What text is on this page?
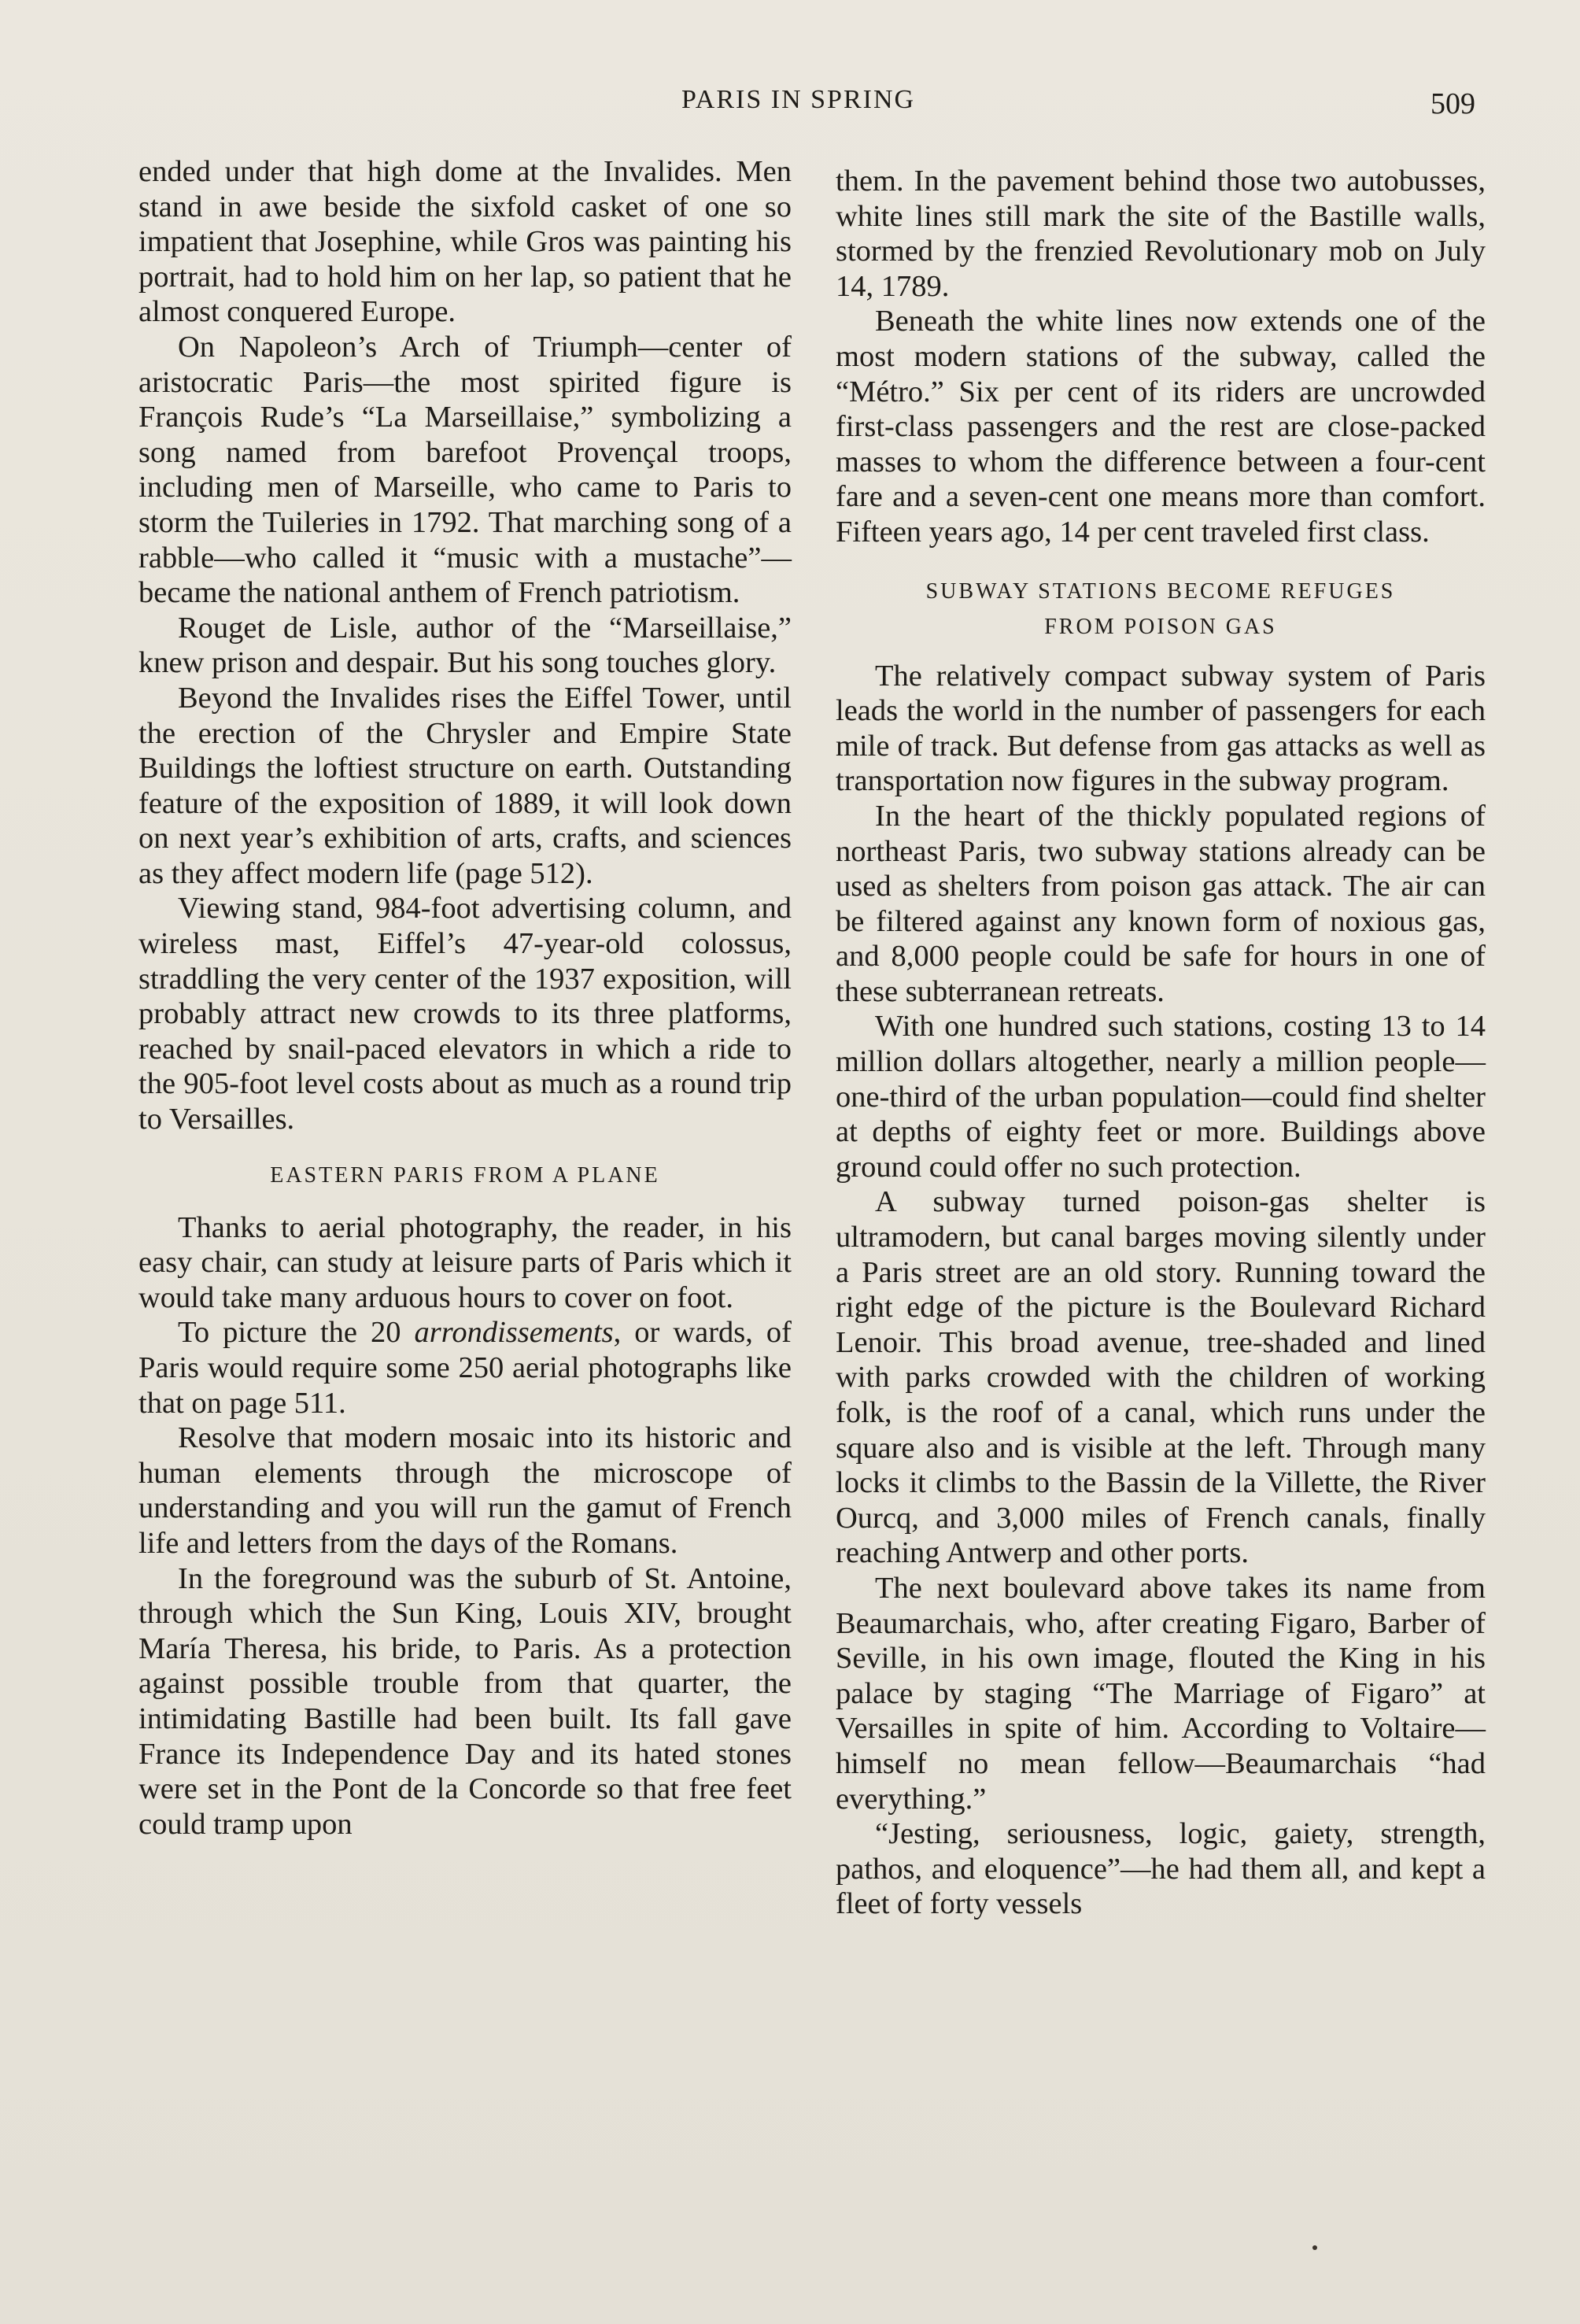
PARIS IN SPRING	509

ended under that high dome at the Invalides. Men stand in awe beside the sixfold casket of one so impatient that Josephine, while Gros was painting his portrait, had to hold him on her lap, so patient that he almost conquered Europe.

On Napoleon’s Arch of Triumph—center of aristocratic Paris—the most spirited figure is François Rude’s “La Marseillaise,” symbolizing a song named from barefoot Provençal troops, including men of Marseille, who came to Paris to storm the Tuileries in 1792. That marching song of a rabble—who called it “music with a mustache”—became the national anthem of French patriotism.

Rouget de Lisle, author of the “Marseillaise,” knew prison and despair. But his song touches glory.

Beyond the Invalides rises the Eiffel Tower, until the erection of the Chrysler and Empire State Buildings the loftiest structure on earth. Outstanding feature of the exposition of 1889, it will look down on next year’s exhibition of arts, crafts, and sciences as they affect modern life (page 512).

Viewing stand, 984-foot advertising column, and wireless mast, Eiffel’s 47-year-old colossus, straddling the very center of the 1937 exposition, will probably attract new crowds to its three platforms, reached by snail-paced elevators in which a ride to the 905-foot level costs about as much as a round trip to Versailles.

EASTERN PARIS FROM A PLANE

Thanks to aerial photography, the reader, in his easy chair, can study at leisure parts of Paris which it would take many arduous hours to cover on foot.

To picture the 20 arrondissements, or wards, of Paris would require some 250 aerial photographs like that on page 511.

Resolve that modern mosaic into its historic and human elements through the microscope of understanding and you will run the gamut of French life and letters from the days of the Romans.

In the foreground was the suburb of St. Antoine, through which the Sun King, Louis XIV, brought María Theresa, his bride, to Paris. As a protection against possible trouble from that quarter, the intimidating Bastille had been built. Its fall gave France its Independence Day and its hated stones were set in the Pont de la Concorde so that free feet could tramp upon

them. In the pavement behind those two autobusses, white lines still mark the site of the Bastille walls, stormed by the frenzied Revolutionary mob on July 14, 1789.

Beneath the white lines now extends one of the most modern stations of the subway, called the “Métro.” Six per cent of its riders are uncrowded first-class passengers and the rest are close-packed masses to whom the difference between a four-cent fare and a seven-cent one means more than comfort. Fifteen years ago, 14 per cent traveled first class.

SUBWAY STATIONS BECOME REFUGES
FROM POISON GAS

The relatively compact subway system of Paris leads the world in the number of passengers for each mile of track. But defense from gas attacks as well as transportation now figures in the subway program.

In the heart of the thickly populated regions of northeast Paris, two subway stations already can be used as shelters from poison gas attack. The air can be filtered against any known form of noxious gas, and 8,000 people could be safe for hours in one of these subterranean retreats.

With one hundred such stations, costing 13 to 14 million dollars altogether, nearly a million people—one-third of the urban population—could find shelter at depths of eighty feet or more. Buildings above ground could offer no such protection.

A subway turned poison-gas shelter is ultramodern, but canal barges moving silently under a Paris street are an old story. Running toward the right edge of the picture is the Boulevard Richard Lenoir. This broad avenue, tree-shaded and lined with parks crowded with the children of working folk, is the roof of a canal, which runs under the square also and is visible at the left. Through many locks it climbs to the Bassin de la Villette, the River Ourcq, and 3,000 miles of French canals, finally reaching Antwerp and other ports.

The next boulevard above takes its name from Beaumarchais, who, after creating Figaro, Barber of Seville, in his own image, flouted the King in his palace by staging “The Marriage of Figaro” at Versailles in spite of him. According to Voltaire—himself no mean fellow—Beaumarchais “had everything.”

“Jesting, seriousness, logic, gaiety, strength, pathos, and eloquence”—he had them all, and kept a fleet of forty vessels
